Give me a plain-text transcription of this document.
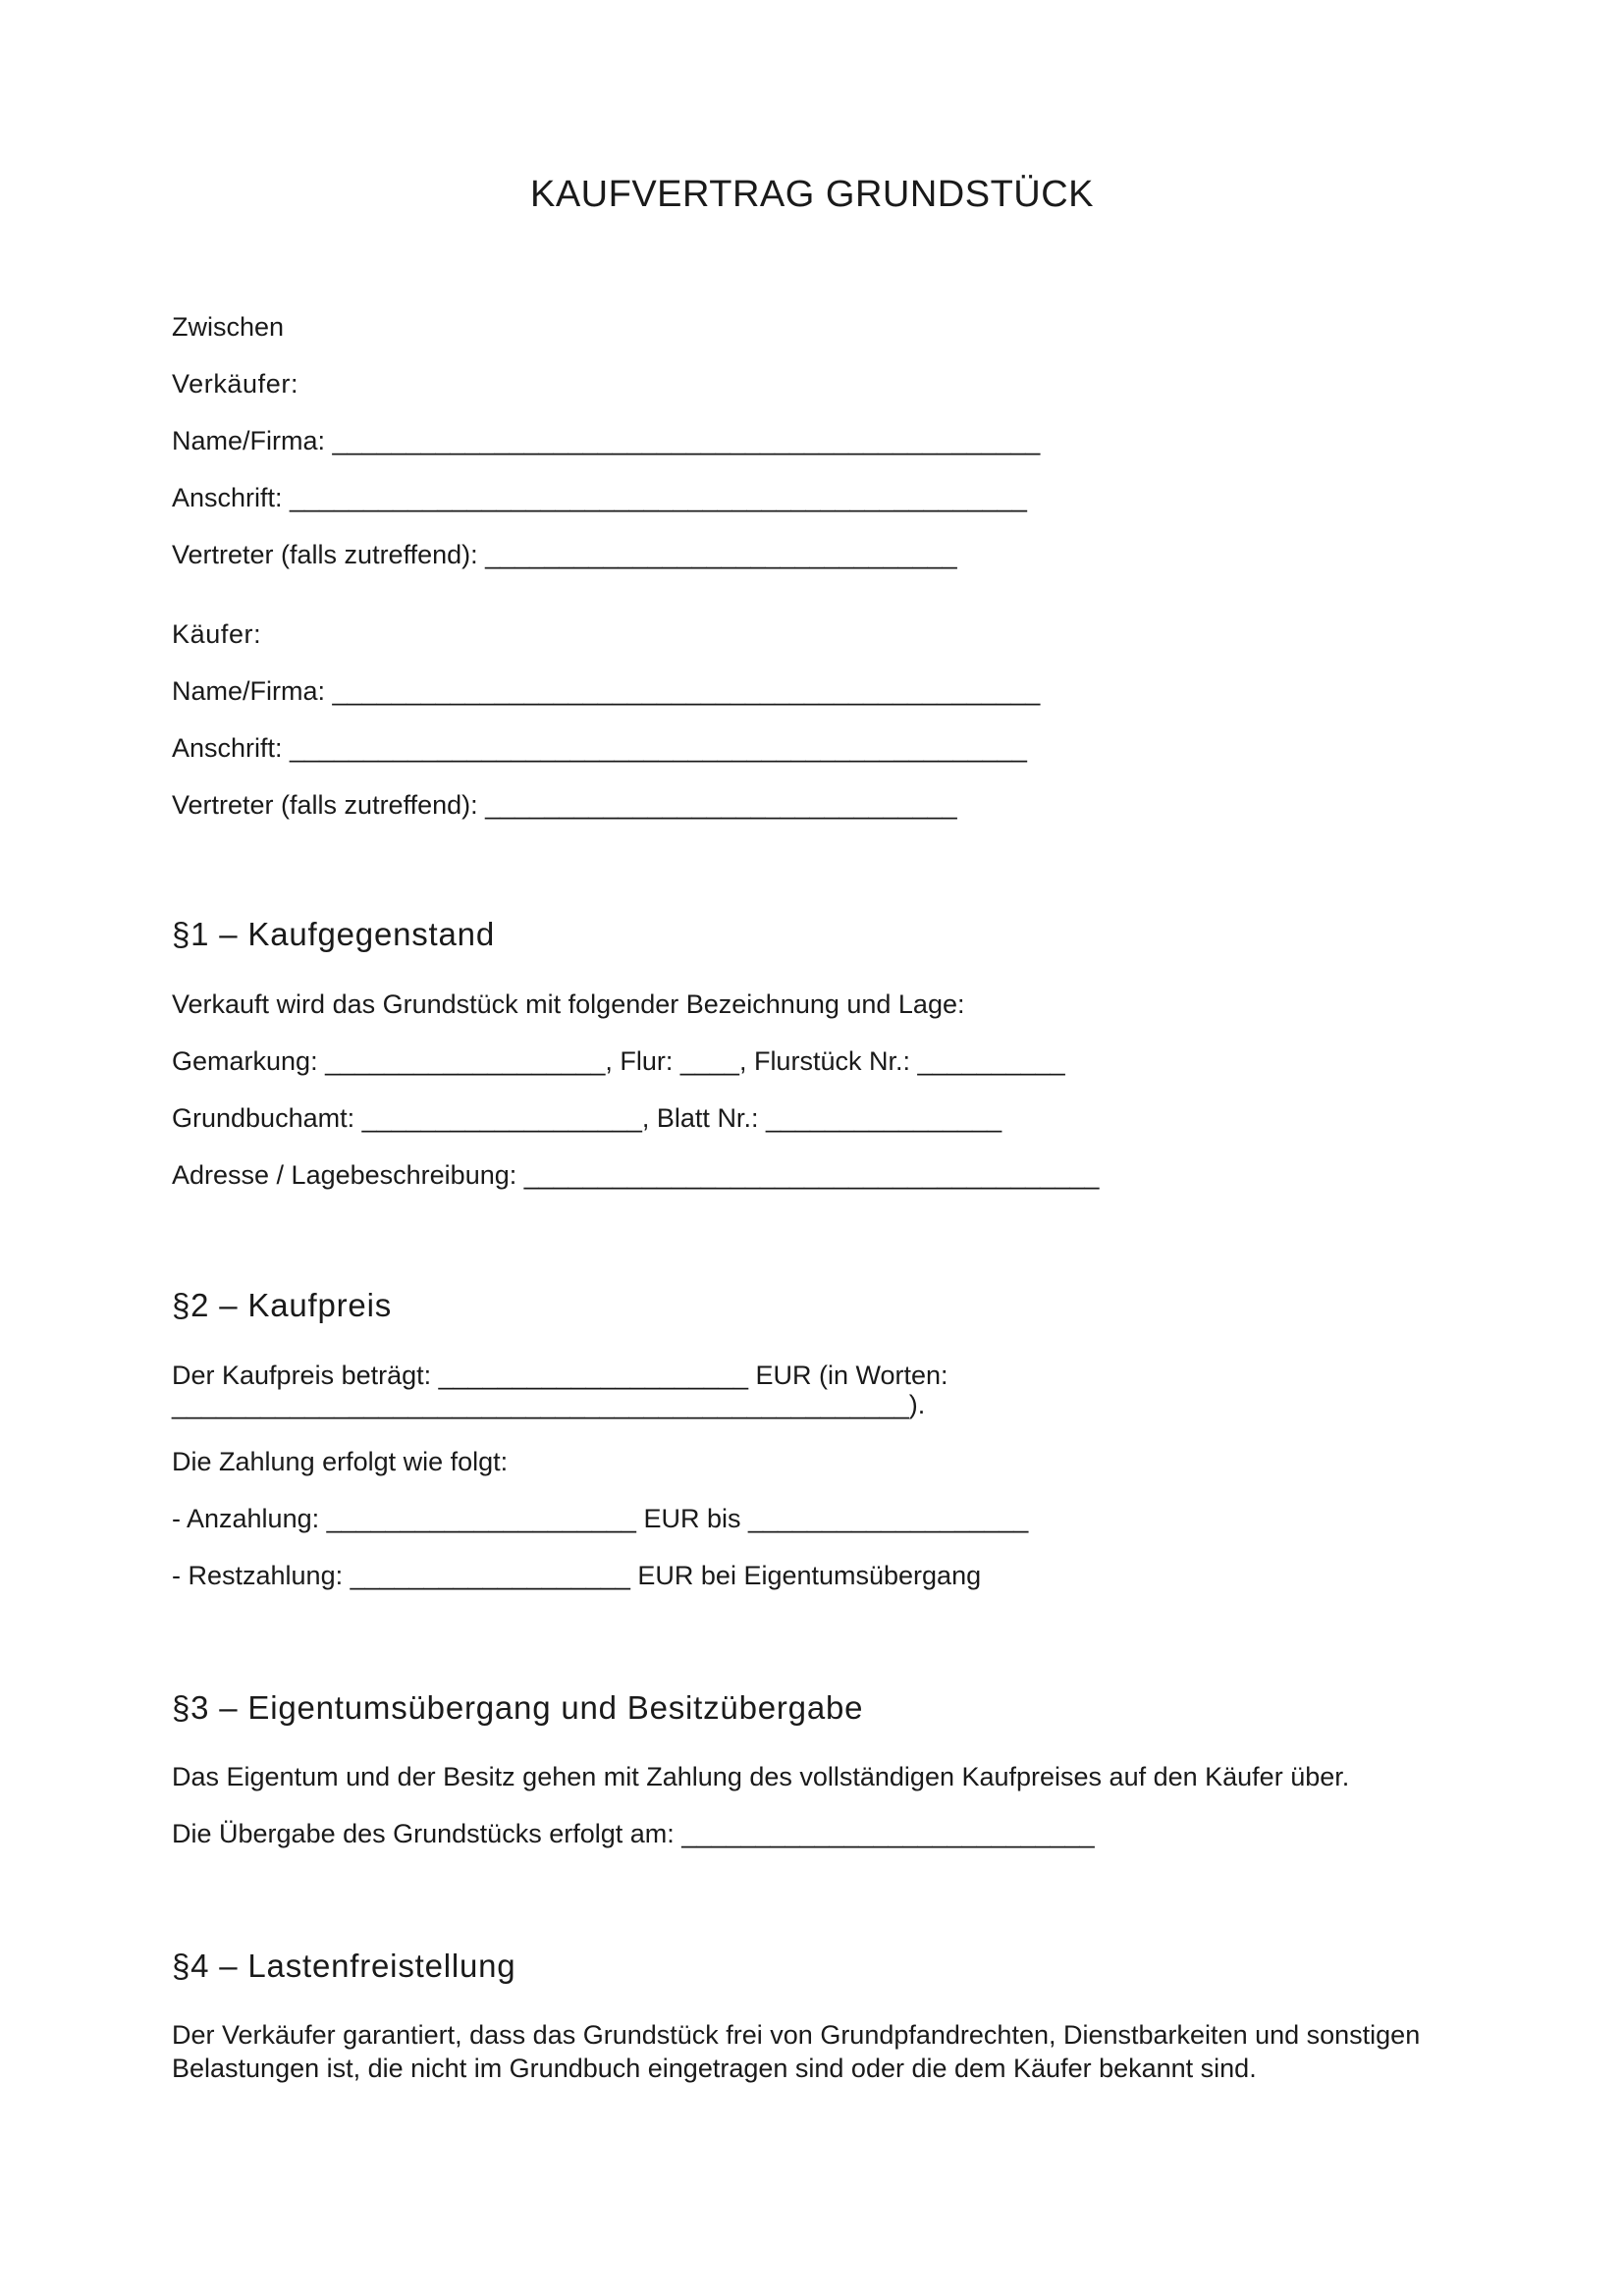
KAUFVERTRAG GRUNDSTÜCK
Zwischen
Verkäufer:
Name/Firma: ________________________________________________
Anschrift: __________________________________________________
Vertreter (falls zutreffend): ________________________________
Käufer:
Name/Firma: ________________________________________________
Anschrift: __________________________________________________
Vertreter (falls zutreffend): ________________________________
§1 – Kaufgegenstand
Verkauft wird das Grundstück mit folgender Bezeichnung und Lage:
Gemarkung: ___________________, Flur: ____, Flurstück Nr.: __________
Grundbuchamt: ___________________, Blatt Nr.: ________________
Adresse / Lagebeschreibung: _______________________________________
§2 – Kaufpreis
Der Kaufpreis beträgt: _____________________ EUR (in Worten:
__________________________________________________).
Die Zahlung erfolgt wie folgt:
- Anzahlung: _____________________ EUR bis ___________________
- Restzahlung: ___________________ EUR bei Eigentumsübergang
§3 – Eigentumsübergang und Besitzübergabe
Das Eigentum und der Besitz gehen mit Zahlung des vollständigen Kaufpreises auf den Käufer über.
Die Übergabe des Grundstücks erfolgt am: ____________________________
§4 – Lastenfreistellung
Der Verkäufer garantiert, dass das Grundstück frei von Grundpfandrechten, Dienstbarkeiten und sonstigen
Belastungen ist, die nicht im Grundbuch eingetragen sind oder die dem Käufer bekannt sind.
